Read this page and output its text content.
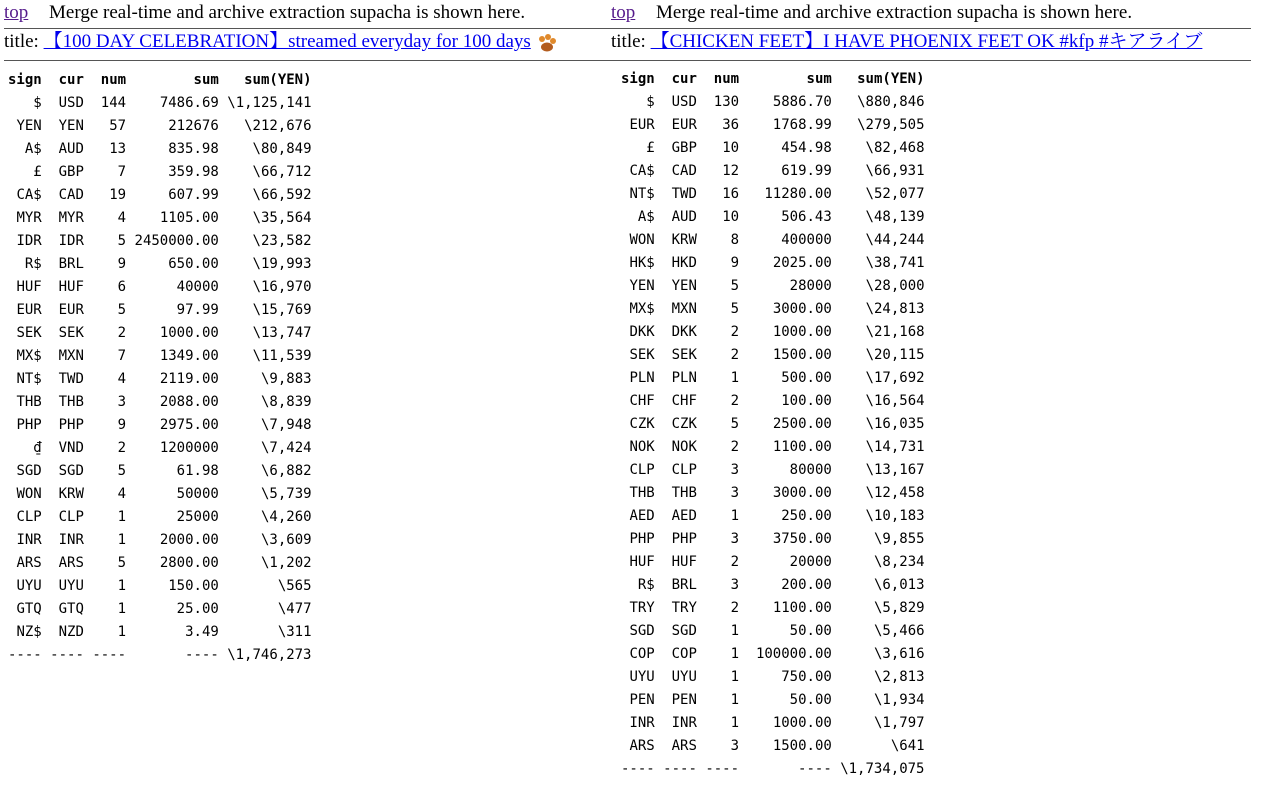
top Merge real-time and archive extraction supacha is shown here.
title: 【100 DAY CELEBRATION】streamed everyday for 100 days
sign cur num	sum sum(YEN)
$ USD 144 7486.69 \1,125,141
YEN YEN 57	212676 \212,676
A$ AUD 13	835.98 \80,849
£ GBP 7	359.98 \66,712
CA$ CAD 19	607.99 \66,592
MYR MYR 4 1105.00 \35,564
IDR IDR 5 2450000.00 \23,582
R$ BRL 9	650.00 \19,993
HUF HUF 6	40000 \16,970
EUR EUR 5	97.99 \15,769
SEK SEK 2 1000.00 \13,747
MX$ MXN 7 1349.00 \11,539
NT$ TWD 4 2119.00	\9,883
THB THB 3 2088.00	\8,839
PHP PHP 9 2975.00	\7,948
₫ VND 2 1200000	\7,424
SGD SGD 5	61.98	\6,882
WON KRW 4	50000	\5,739
CLP CLP 1	25000	\4,260
INR INR 1 2000.00	\3,609
ARS ARS 5 2800.00	\1,202
UYU UYU 1	150.00	\565
GTQ GTQ 1	25.00	\477
NZ$ NZD 1	3.49	\311
---- ---- ----	---- \1,746,273
top Merge real-time and archive extraction supacha is shown here.
title: 【CHICKEN FEET】I HAVE PHOENIX FEET OK #kfp #キアライブ
sign cur num	sum sum(YEN)
$ USD 130 5886.70 \880,846
EUR EUR 36 1768.99 \279,505
£ GBP 10	454.98 \82,468
CA$ CAD 12	619.99 \66,931
NT$ TWD 16 11280.00 \52,077
A$ AUD 10	506.43 \48,139
WON KRW 8	400000 \44,244
HK$ HKD 9 2025.00 \38,741
YEN YEN 5	28000 \28,000
MX$ MXN 5 3000.00 \24,813
DKK DKK 2 1000.00 \21,168
SEK SEK 2 1500.00 \20,115
PLN PLN 1	500.00 \17,692
CHF CHF 2	100.00 \16,564
CZK CZK 5 2500.00 \16,035
NOK NOK 2 1100.00 \14,731
CLP CLP 3	80000 \13,167
THB THB 3 3000.00 \12,458
AED AED 1	250.00 \10,183
PHP PHP 3 3750.00	\9,855
HUF HUF 2	20000	\8,234
R$ BRL 3	200.00	\6,013
TRY TRY 2 1100.00	\5,829
SGD SGD 1	50.00	\5,466
COP COP 1 100000.00	\3,616
UYU UYU 1	750.00	\2,813
PEN PEN 1	50.00	\1,934
INR INR 1 1000.00	\1,797
ARS ARS 3 1500.00	\641
---- ---- ----	---- \1,734,075
